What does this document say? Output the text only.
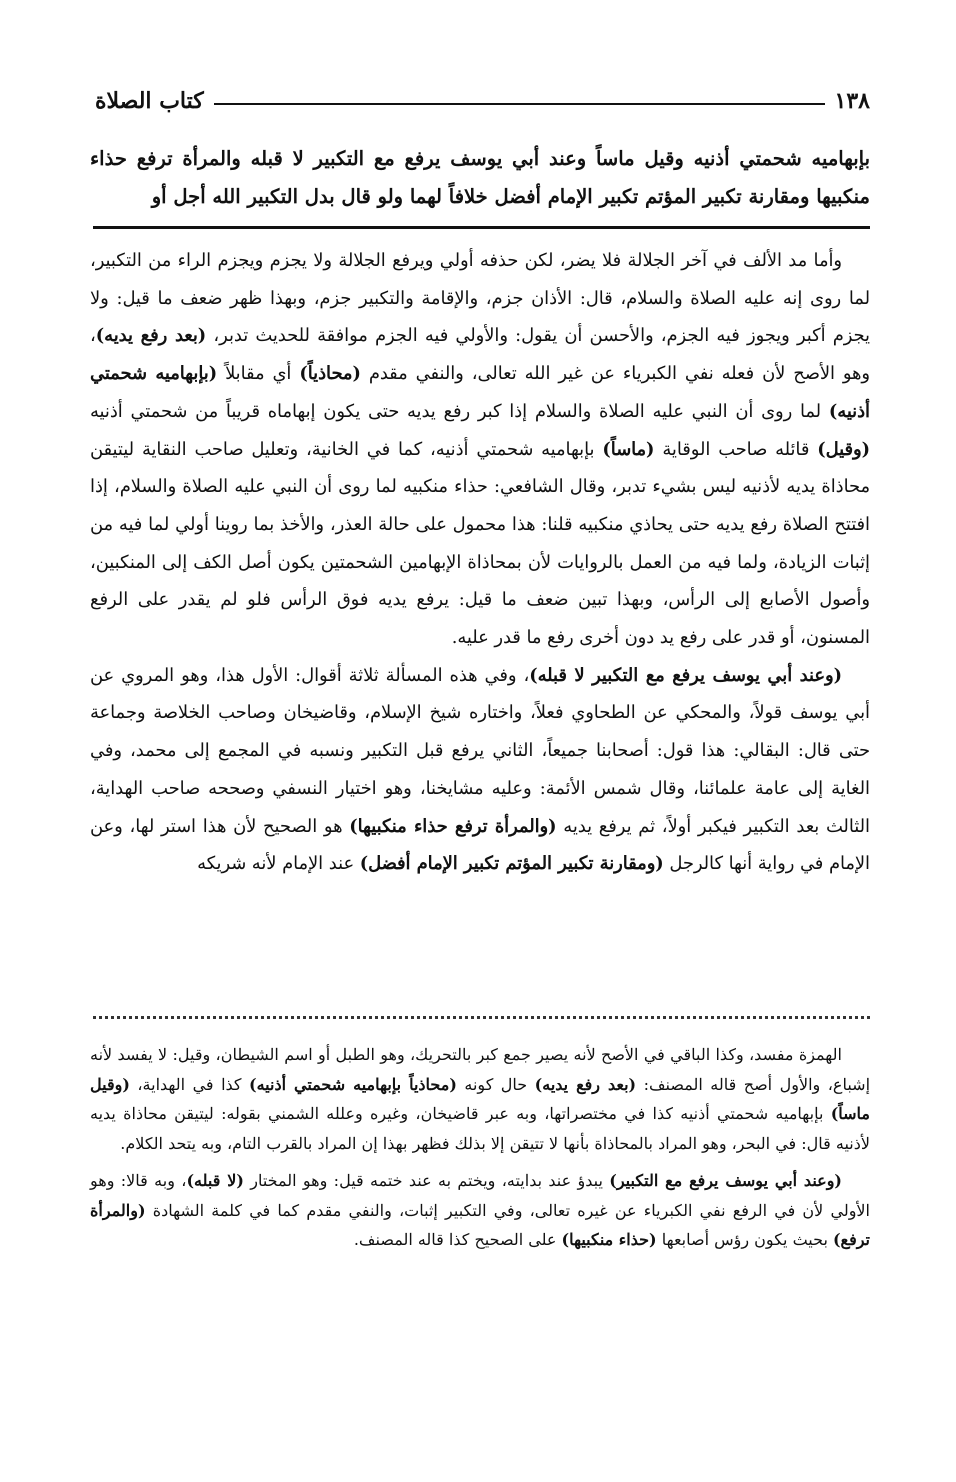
١٣٨
كتاب الصلاة
بإبهاميه شحمتي أذنيه وقيل ماساً وعند أبي يوسف يرفع مع التكبير لا قبله والمرأة ترفع حذاء منكبيها ومقارنة تكبير المؤتم تكبير الإمام أفضل خلافاً لهما ولو قال بدل التكبير الله أجل أو

وأما مد الألف في آخر الجلالة فلا يضر، لكن حذفه أولي ويرفع الجلالة ولا يجزم ويجزم الراء من التكبير، لما روى إنه عليه الصلاة والسلام، قال: الأذان جزم، والإقامة والتكبير جزم، وبهذا ظهر ضعف ما قيل: ولا يجزم أكبر ويجوز فيه الجزم، والأحسن أن يقول: والأولي فيه الجزم موافقة للحديث تدبر، (بعد رفع يديه)، وهو الأصح لأن فعله نفي الكبرياء عن غير الله تعالى، والنفي مقدم (محاذياً) أي مقابلاً (بإبهاميه شحمتي أذنيه) لما روى أن النبي عليه الصلاة والسلام إذا كبر رفع يديه حتى يكون إبهاماه قريباً من شحمتي أذنيه (وقيل) قائله صاحب الوقاية (ماساً) بإبهاميه شحمتي أذنيه، كما في الخانية، وتعليل صاحب النقاية ليتيقن محاذاة يديه لأذنيه ليس بشيء تدبر، وقال الشافعي: حذاء منكبيه لما روى أن النبي عليه الصلاة والسلام، إذا افتتح الصلاة رفع يديه حتى يحاذي منكبيه قلنا: هذا محمول على حالة العذر، والأخذ بما روينا أولي لما فيه من إثبات الزيادة، ولما فيه من العمل بالروايات لأن بمحاذاة الإبهامين الشحمتين يكون أصل الكف إلى المنكبين، وأصول الأصابع إلى الرأس، وبهذا تبين ضعف ما قيل: يرفع يديه فوق الرأس فلو لم يقدر على الرفع المسنون، أو قدر على رفع يد دون أخرى رفع ما قدر عليه.

(وعند أبي يوسف يرفع مع التكبير لا قبله)، وفي هذه المسألة ثلاثة أقوال: الأول هذا، وهو المروي عن أبي يوسف قولاً، والمحكي عن الطحاوي فعلاً، واختاره شيخ الإسلام، وقاضيخان وصاحب الخلاصة وجماعة حتى قال: البقالي: هذا قول: أصحابنا جميعاً، الثاني يرفع قبل التكبير ونسبه في المجمع إلى محمد، وفي الغاية إلى عامة علمائنا، وقال شمس الأئمة: وعليه مشايخنا، وهو اختيار النسفي وصححه صاحب الهداية، الثالث بعد التكبير فيكبر أولاً، ثم يرفع يديه (والمرأة ترفع حذاء منكبيها) هو الصحيح لأن هذا استر لها، وعن الإمام في رواية أنها كالرجل (ومقارنة تكبير المؤتم تكبير الإمام أفضل) عند الإمام لأنه شريكه

الهمزة مفسد، وكذا الباقي في الأصح لأنه يصير جمع كبر بالتحريك، وهو الطبل أو اسم الشيطان، وقيل: لا يفسد لأنه إشباع، والأول أصح قاله المصنف: (بعد رفع يديه) حال كونه (محاذياً بإبهاميه شحمتي أذنيه) كذا في الهداية، (وقيل ماساً) بإبهاميه شحمتي أذنيه كذا في مختصراتها، وبه عبر قاضيخان، وغيره وعلله الشمني بقوله: ليتيقن محاذاة يديه لأذنيه قال: في البحر، وهو المراد بالمحاذاة بأنها لا تتيقن إلا بذلك فظهر بهذا إن المراد بالقرب التام، وبه يتحد الكلام.

(وعند أبي يوسف يرفع مع التكبير) يبدؤ عند بدايته، ويختم به عند ختمه قيل: وهو المختار (لا قبله)، وبه قالا: وهو الأولي لأن في الرفع نفي الكبرياء عن غيره تعالى، وفي التكبير إثبات، والنفي مقدم كما في كلمة الشهادة (والمرأة ترفع) بحيث يكون رؤس أصابعها (حذاء منكبيها) على الصحيح كذا قاله المصنف.
